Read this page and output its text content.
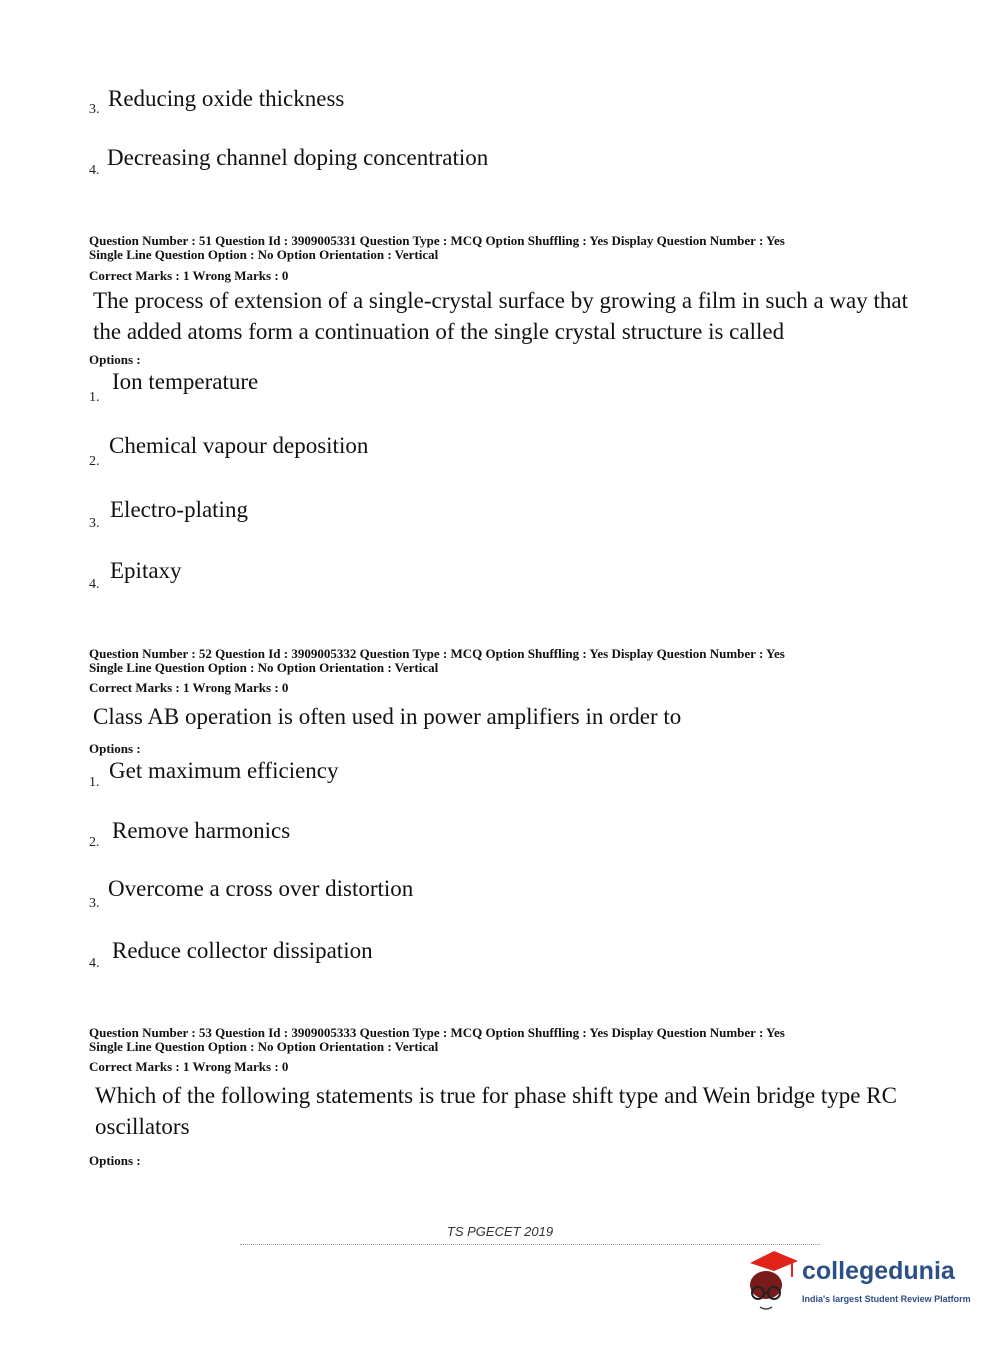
3. Reducing oxide thickness
4.
Decreasing channel doping concentration
Question Number : 51 Question Id : 3909005331 Question Type : MCQ Option Shuffling : Yes Display Question Number : Yes
Single Line Question Option : No Option Orientation : Vertical
Correct Marks : 1 Wrong Marks : 0
The process of extension of a single-crystal surface by growing a film in such a way that the added atoms form a continuation of the single crystal structure is called
Options :
1.
Ion temperature
2.
Chemical vapour deposition
3.
Electro-plating
4.
Epitaxy
Question Number : 52 Question Id : 3909005332 Question Type : MCQ Option Shuffling : Yes Display Question Number : Yes
Single Line Question Option : No Option Orientation : Vertical
Correct Marks : 1 Wrong Marks : 0
Class AB operation is often used in power amplifiers in order to
Options :
1. Get maximum efficiency
2. Remove harmonics
3.
Overcome a cross over distortion
4.
Reduce collector dissipation
Question Number : 53 Question Id : 3909005333 Question Type : MCQ Option Shuffling : Yes Display Question Number : Yes
Single Line Question Option : No Option Orientation : Vertical
Correct Marks : 1 Wrong Marks : 0
Which of the following statements is true for phase shift type and Wein bridge type RC oscillators
Options :
TS PGECET 2019
collegedunia
India's largest Student Review Platform
